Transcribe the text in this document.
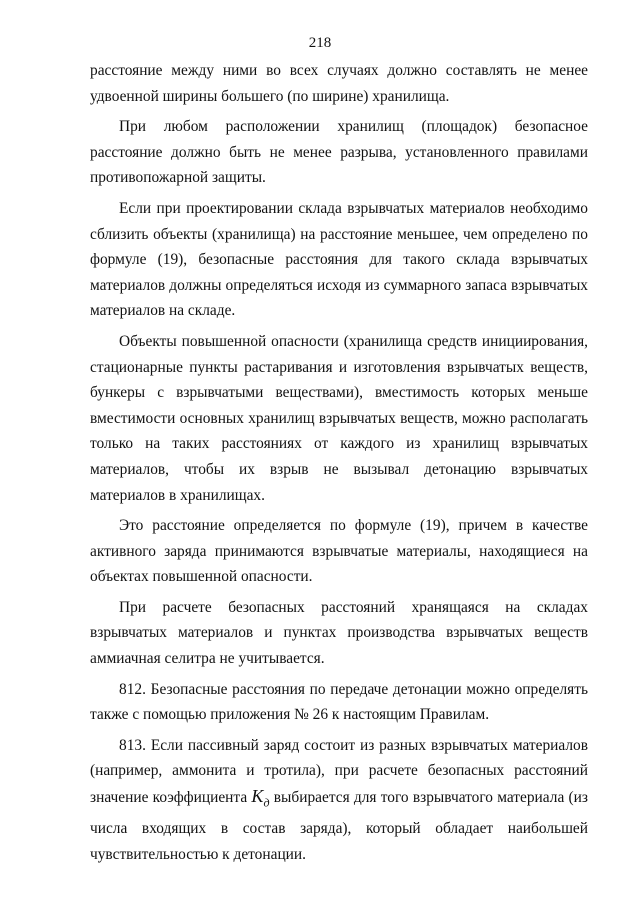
218

расстояние между ними во всех случаях должно составлять не менее удвоенной ширины большего (по ширине) хранилища.

При любом расположении хранилищ (площадок) безопасное расстояние должно быть не менее разрыва, установленного правилами противопожарной защиты.

Если при проектировании склада взрывчатых материалов необходимо сблизить объекты (хранилища) на расстояние меньшее, чем определено по формуле (19), безопасные расстояния для такого склада взрывчатых материалов должны определяться исходя из суммарного запаса взрывчатых материалов на складе.

Объекты повышенной опасности (хранилища средств инициирования, стационарные пункты растаривания и изготовления взрывчатых веществ, бункеры с взрывчатыми веществами), вместимость которых меньше вместимости основных хранилищ взрывчатых веществ, можно располагать только на таких расстояниях от каждого из хранилищ взрывчатых материалов, чтобы их взрыв не вызывал детонацию взрывчатых материалов в хранилищах.

Это расстояние определяется по формуле (19), причем в качестве активного заряда принимаются взрывчатые материалы, находящиеся на объектах повышенной опасности.

При расчете безопасных расстояний хранящаяся на складах взрывчатых материалов и пунктах производства взрывчатых веществ аммиачная селитра не учитывается.

812. Безопасные расстояния по передаче детонации можно определять также с помощью приложения № 26 к настоящим Правилам.

813. Если пассивный заряд состоит из разных взрывчатых материалов (например, аммонита и тротила), при расчете безопасных расстояний значение коэффициента $K_д$ выбирается для того взрывчатого материала (из числа входящих в состав заряда), который обладает наибольшей чувствительностью к детонации.
